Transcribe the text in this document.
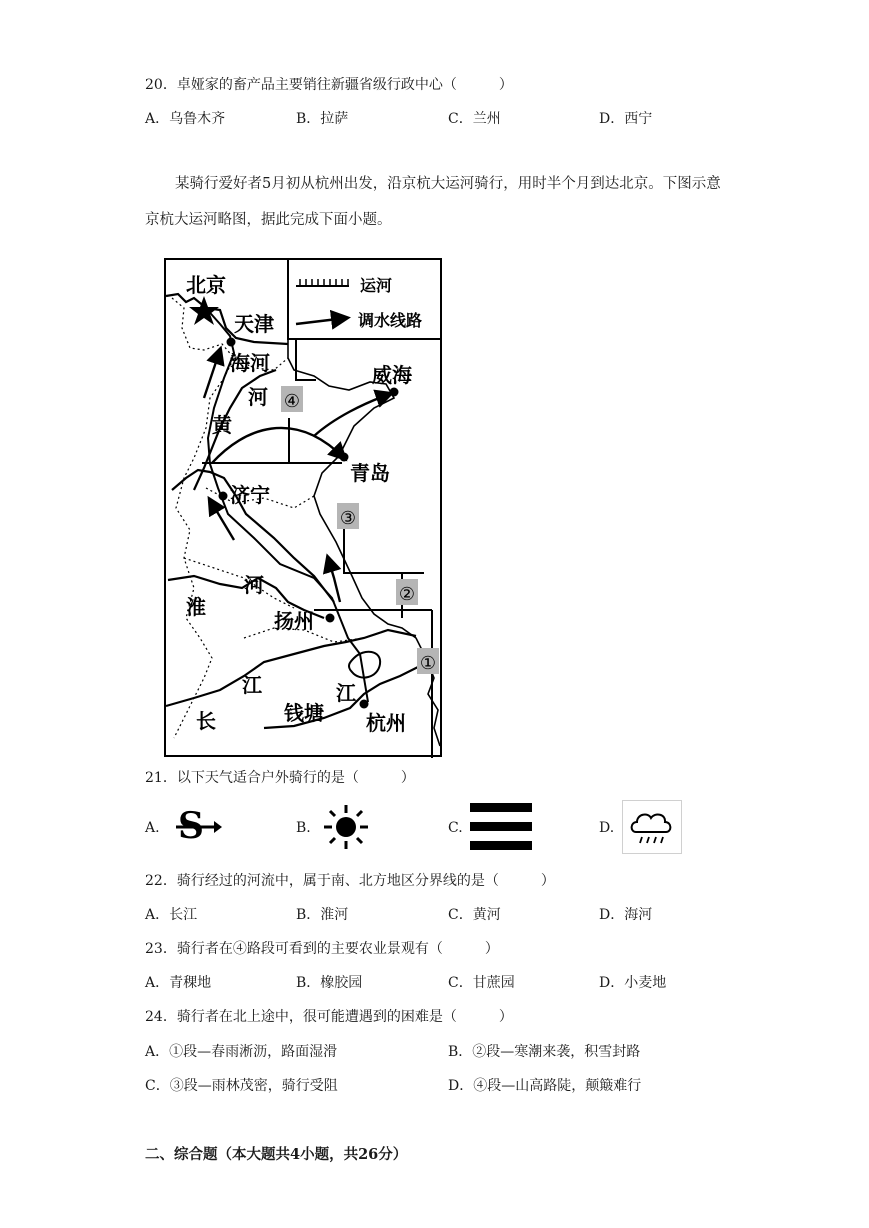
20．卓娅家的畜产品主要销往新疆省级行政中心（　　　）
A．乌鲁木齐	B．拉萨	C．兰州	D．西宁
某骑行爱好者5月初从杭州出发，沿京杭大运河骑行，用时半个月到达北京。下图示意京杭大运河略图，据此完成下面小题。
运河
调水线路
④
③
②
①
北京
天津
海河
河
黄
威海
青岛
济宁
河
淮
扬州
江
长	钱塘
江
杭州
21．以下天气适合户外骑行的是（　　　）
A. S	B.	C.	D.
22．骑行经过的河流中，属于南、北方地区分界线的是（　　　）
A．长江	B．淮河	C．黄河	D．海河
23．骑行者在④路段可看到的主要农业景观有（　　　）
A．青稞地	B．橡胶园	C．甘蔗园	D．小麦地
24．骑行者在北上途中，很可能遭遇到的困难是（　　　）
A．①段—春雨淅沥，路面湿滑	B．②段—寒潮来袭，积雪封路
C．③段—雨林茂密，骑行受阻	D．④段—山高路陡，颠簸难行
二、综合题（本大题共4小题，共26分）
